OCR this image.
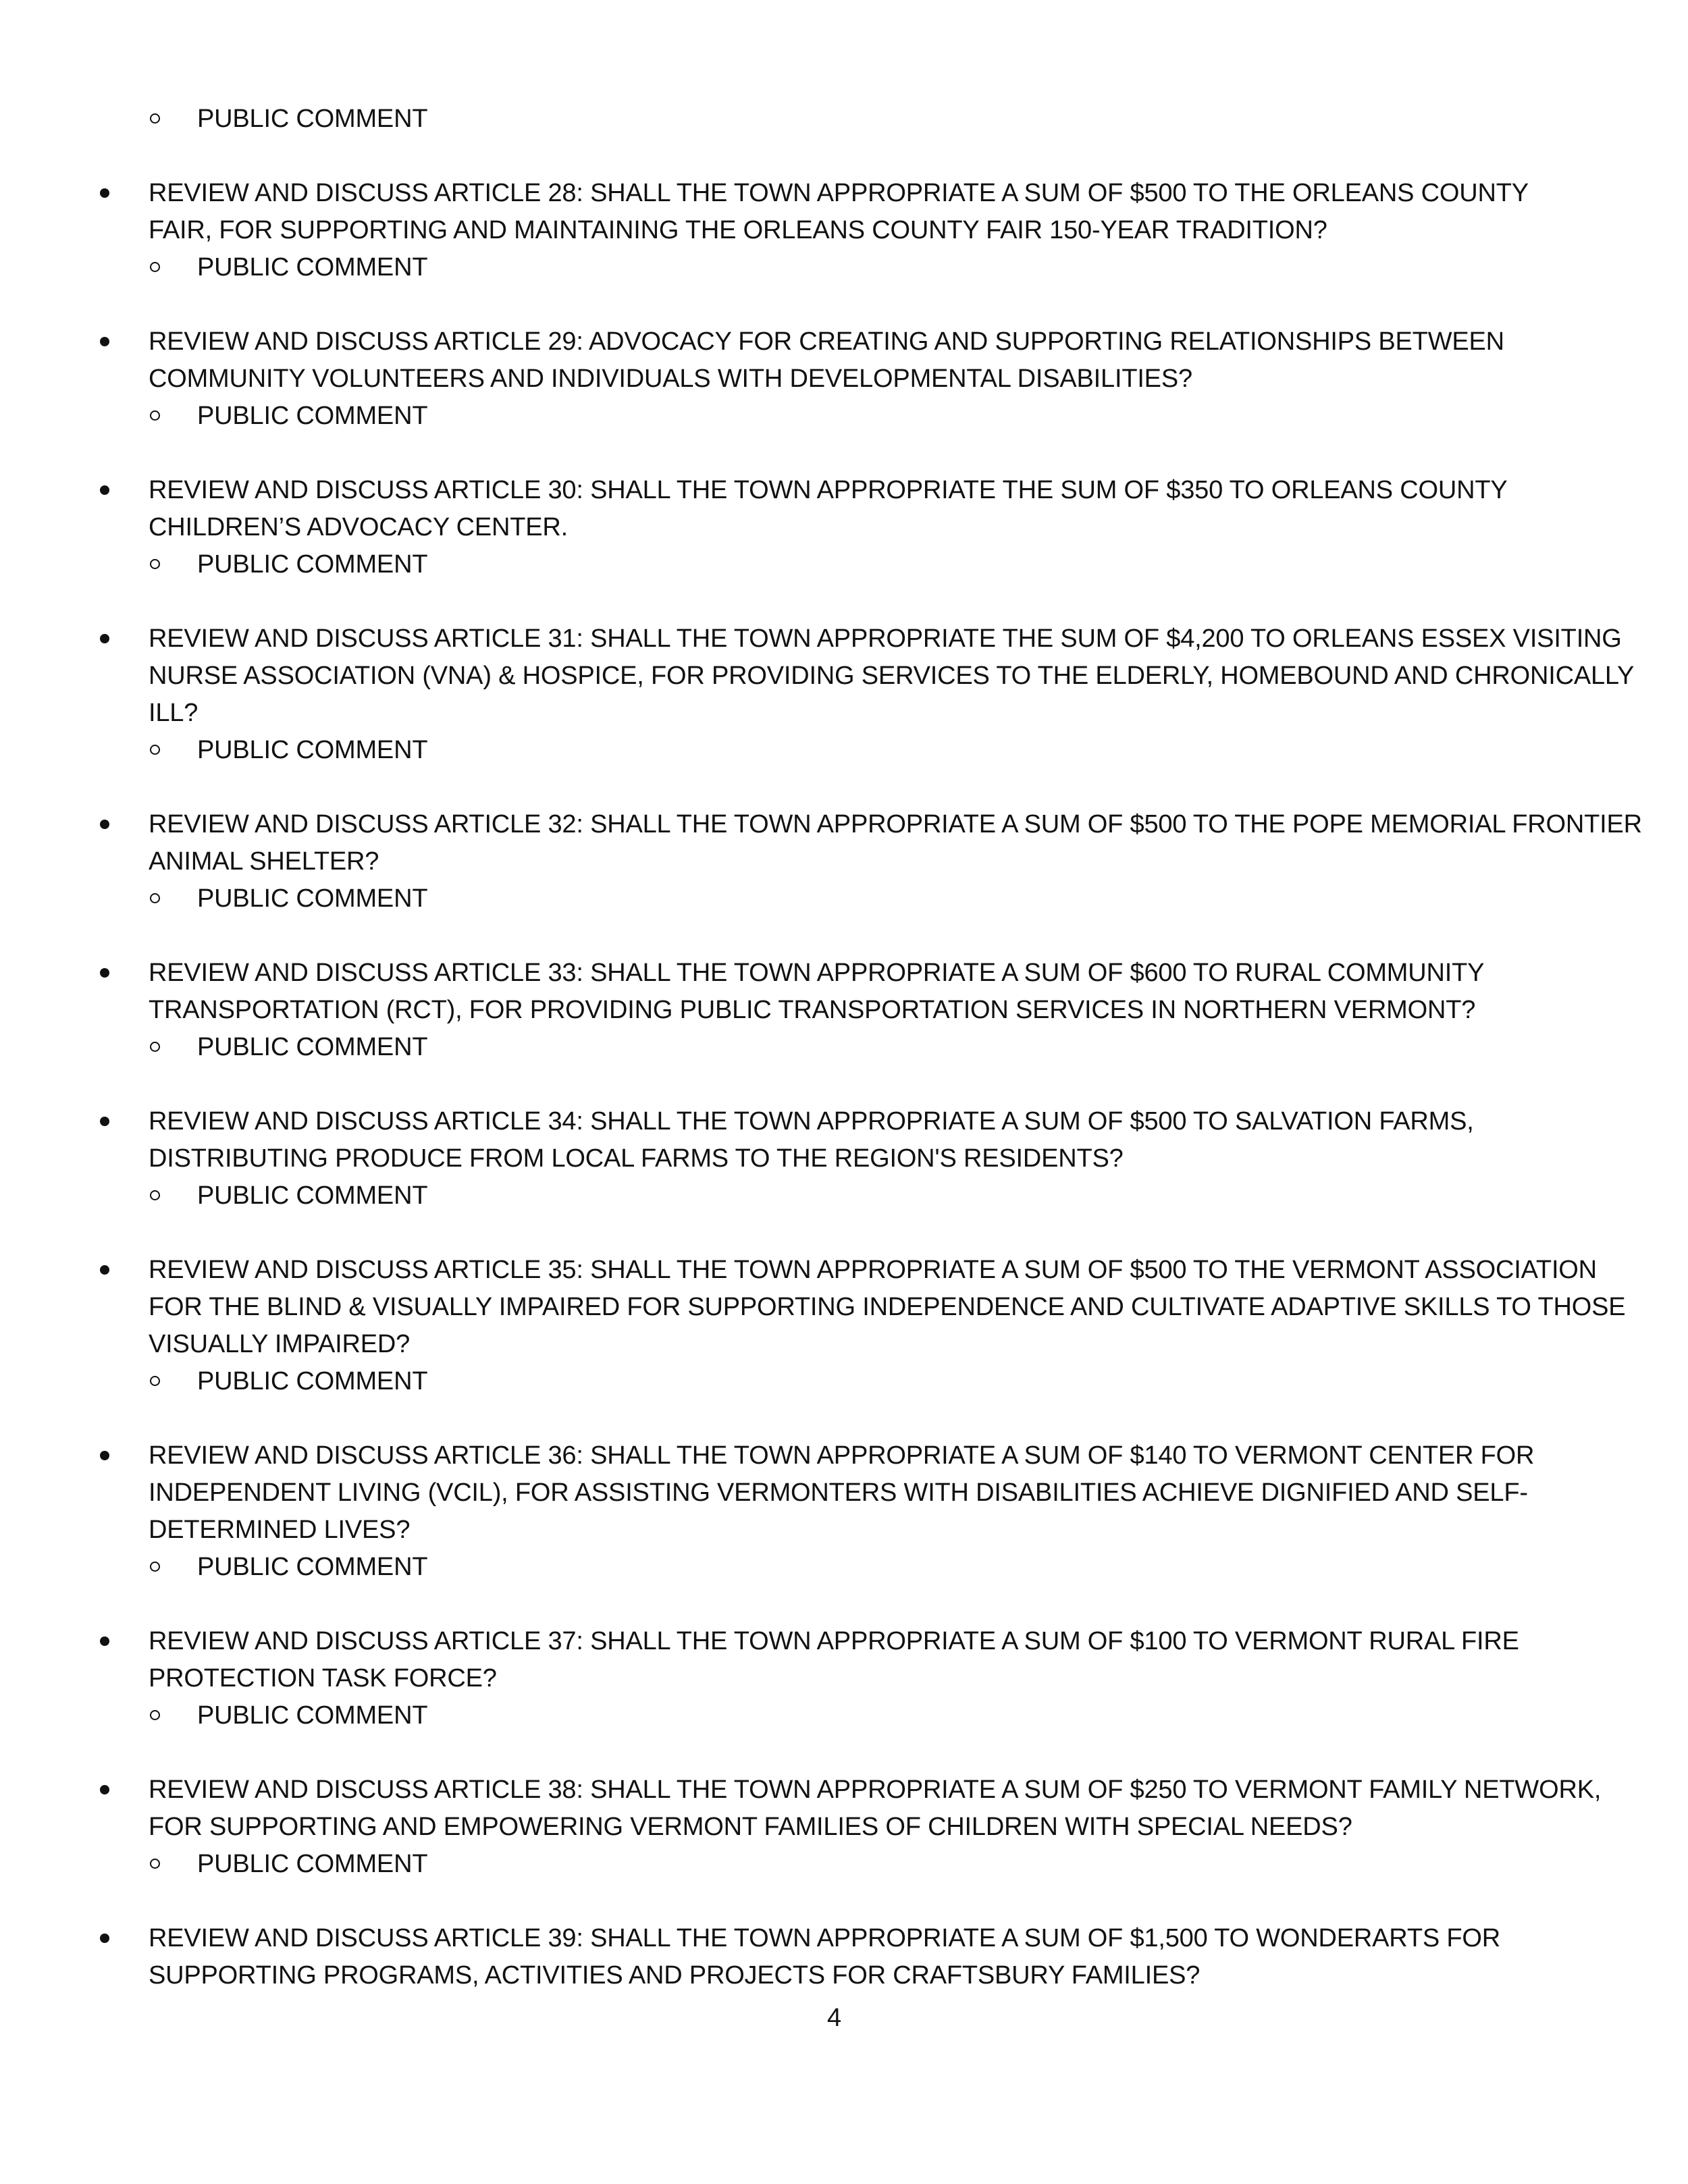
PUBLIC COMMENT
REVIEW AND DISCUSS ARTICLE 28: SHALL THE TOWN APPROPRIATE A SUM OF $500 TO THE ORLEANS COUNTY
FAIR, FOR SUPPORTING AND MAINTAINING THE ORLEANS COUNTY FAIR 150-YEAR TRADITION?
PUBLIC COMMENT
REVIEW AND DISCUSS ARTICLE 29: ADVOCACY FOR CREATING AND SUPPORTING RELATIONSHIPS BETWEEN
COMMUNITY VOLUNTEERS AND INDIVIDUALS WITH DEVELOPMENTAL DISABILITIES?
PUBLIC COMMENT
REVIEW AND DISCUSS ARTICLE 30: SHALL THE TOWN APPROPRIATE THE SUM OF $350 TO ORLEANS COUNTY
CHILDREN’S ADVOCACY CENTER.
PUBLIC COMMENT
REVIEW AND DISCUSS ARTICLE 31: SHALL THE TOWN APPROPRIATE THE SUM OF $4,200 TO ORLEANS ESSEX VISITING
NURSE ASSOCIATION (VNA) & HOSPICE, FOR PROVIDING SERVICES TO THE ELDERLY, HOMEBOUND AND CHRONICALLY
ILL?
PUBLIC COMMENT
REVIEW AND DISCUSS ARTICLE 32: SHALL THE TOWN APPROPRIATE A SUM OF $500 TO THE POPE MEMORIAL FRONTIER
ANIMAL SHELTER?
PUBLIC COMMENT
REVIEW AND DISCUSS ARTICLE 33: SHALL THE TOWN APPROPRIATE A SUM OF $600 TO RURAL COMMUNITY
TRANSPORTATION (RCT), FOR PROVIDING PUBLIC TRANSPORTATION SERVICES IN NORTHERN VERMONT?
PUBLIC COMMENT
REVIEW AND DISCUSS ARTICLE 34: SHALL THE TOWN APPROPRIATE A SUM OF $500 TO SALVATION FARMS,
DISTRIBUTING PRODUCE FROM LOCAL FARMS TO THE REGION'S RESIDENTS?
PUBLIC COMMENT
REVIEW AND DISCUSS ARTICLE 35: SHALL THE TOWN APPROPRIATE A SUM OF $500 TO THE VERMONT ASSOCIATION
FOR THE BLIND & VISUALLY IMPAIRED FOR SUPPORTING INDEPENDENCE AND CULTIVATE ADAPTIVE SKILLS TO THOSE
VISUALLY IMPAIRED?
PUBLIC COMMENT
REVIEW AND DISCUSS ARTICLE 36: SHALL THE TOWN APPROPRIATE A SUM OF $140 TO VERMONT CENTER FOR
INDEPENDENT LIVING (VCIL), FOR ASSISTING VERMONTERS WITH DISABILITIES ACHIEVE DIGNIFIED AND SELF-
DETERMINED LIVES?
PUBLIC COMMENT
REVIEW AND DISCUSS ARTICLE 37: SHALL THE TOWN APPROPRIATE A SUM OF $100 TO VERMONT RURAL FIRE
PROTECTION TASK FORCE?
PUBLIC COMMENT
REVIEW AND DISCUSS ARTICLE 38: SHALL THE TOWN APPROPRIATE A SUM OF $250 TO VERMONT FAMILY NETWORK,
FOR SUPPORTING AND EMPOWERING VERMONT FAMILIES OF CHILDREN WITH SPECIAL NEEDS?
PUBLIC COMMENT
REVIEW AND DISCUSS ARTICLE 39: SHALL THE TOWN APPROPRIATE A SUM OF $1,500 TO WONDERARTS FOR
SUPPORTING PROGRAMS, ACTIVITIES AND PROJECTS FOR CRAFTSBURY FAMILIES?
4
